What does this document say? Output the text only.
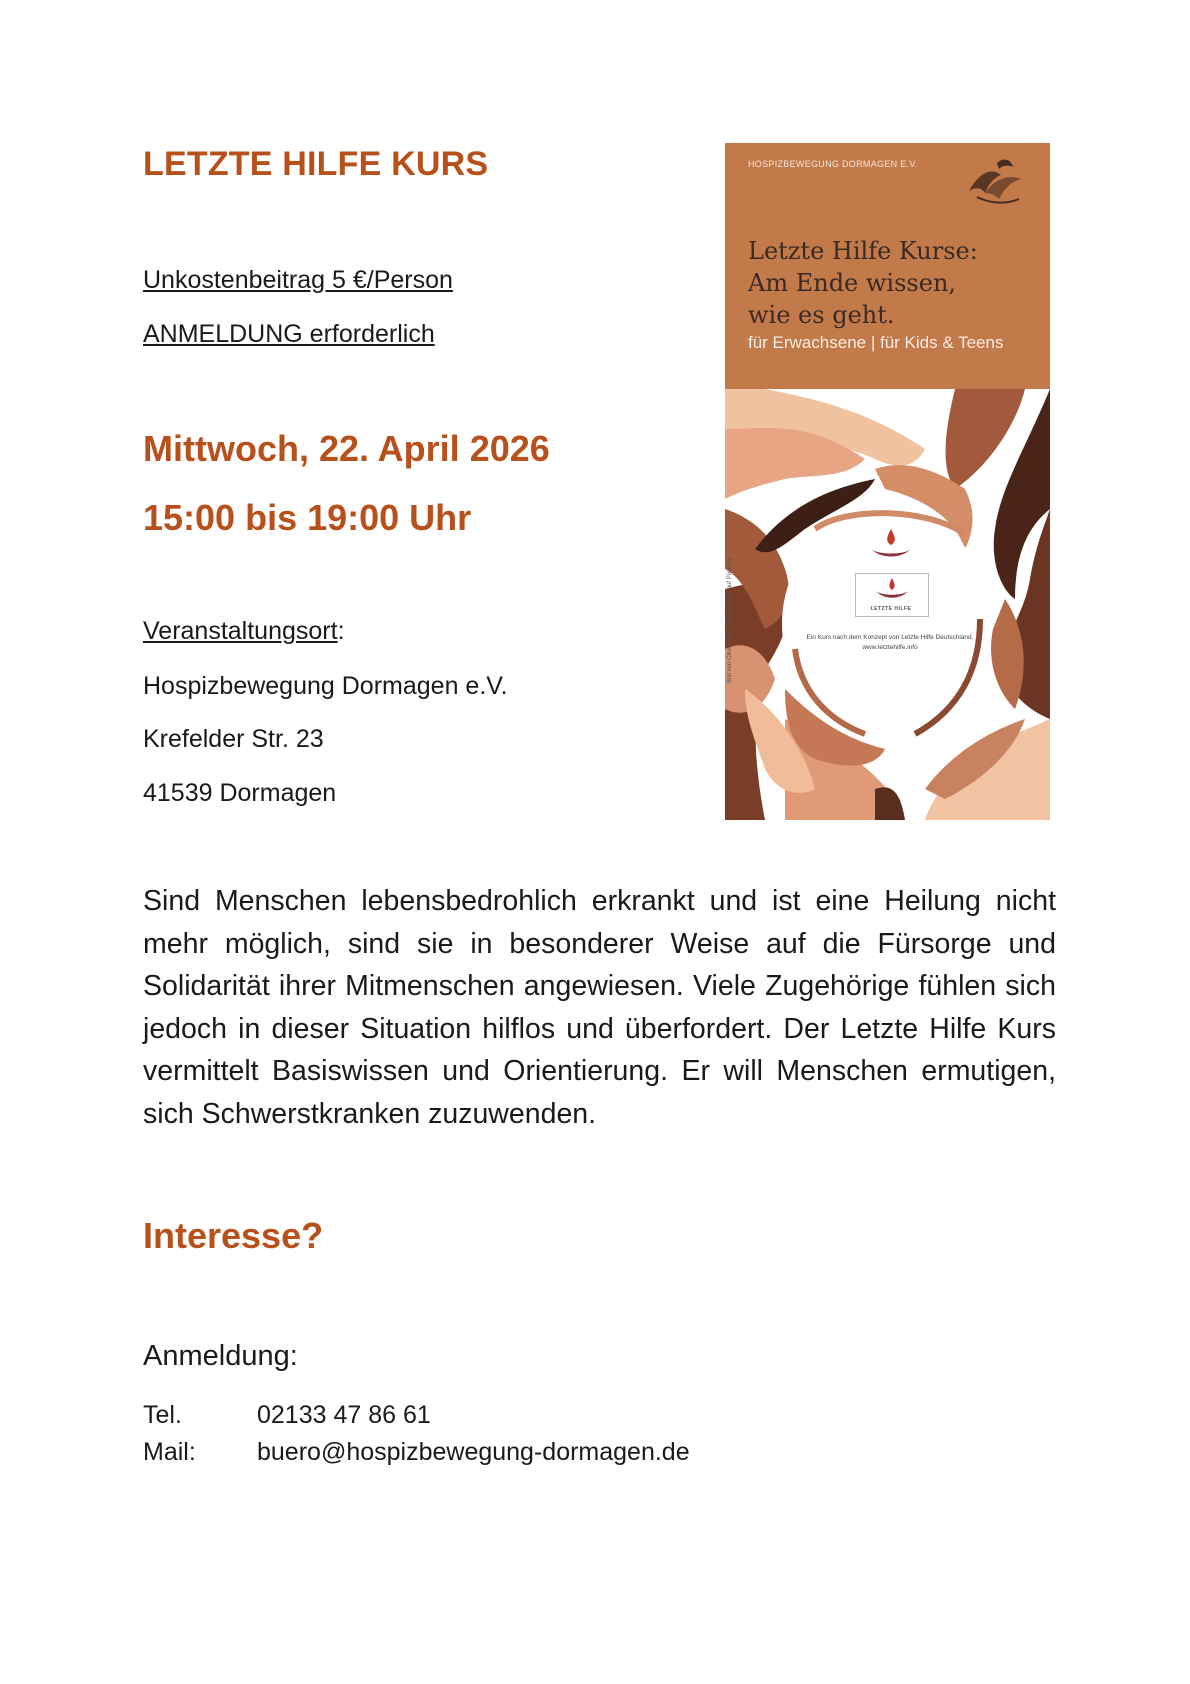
LETZTE HILFE KURS
Unkostenbeitrag 5 €/Person
ANMELDUNG erforderlich
Mittwoch, 22. April 2026
15:00 bis 19:00 Uhr
Veranstaltungsort:
Hospizbewegung Dormagen e.V.
Krefelder Str. 23
41539 Dormagen
Sind Menschen lebensbedrohlich erkrankt und ist eine Heilung nicht mehr möglich, sind sie in besonderer Weise auf die Fürsorge und Solidarität ihrer Mitmenschen angewiesen. Viele Zugehörige fühlen sich jedoch in dieser Situation hilflos und überfordert. Der Letzte Hilfe Kurs vermittelt Basiswissen und Orientierung. Er will Menschen ermutigen, sich Schwerstkranken zuzuwenden.
Interesse?
Anmeldung:
Tel.	02133 47 86 61
Mail: buero@hospizbewegung-dormagen.de
HOSPIZBEWEGUNG DORMAGEN E.V.
Letzte Hilfe Kurse:
Am Ende wissen,
wie es geht.
für Erwachsene | für Kids & Teens
LETZTE HILFE
Ein Kurs nach dem Konzept von Letzte Hilfe Deutschland.
www.letztehilfe.info
Bild von Clker-Free-Vector-Images auf Pixabay
